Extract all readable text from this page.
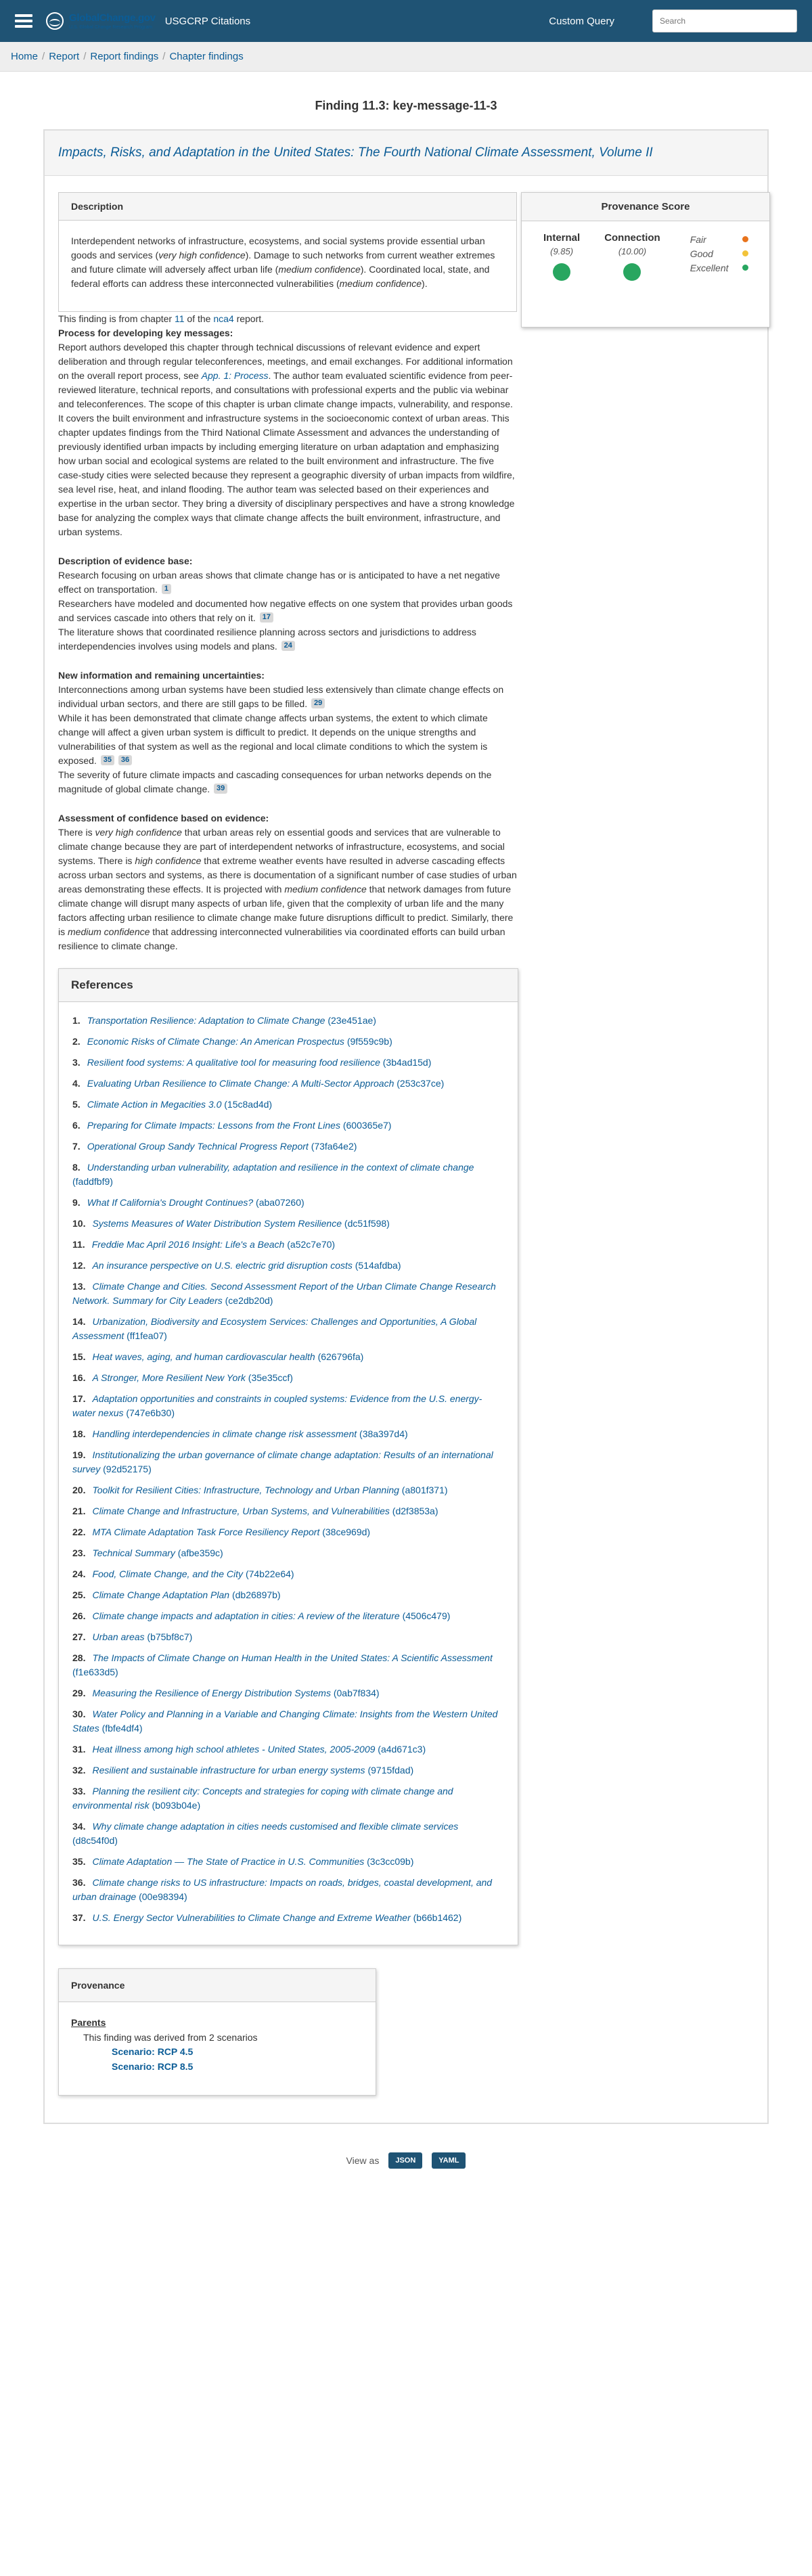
GlobalChange.gov
U.S. Global Change Research Program
USGCRP Citations	Custom Query
Search
Home / Report / Report findings / Chapter findings
Finding 11.3: key-message-11-3
Impacts, Risks, and Adaptation in the United States: The Fourth National Climate Assessment, Volume II
Description
Interdependent networks of infrastructure, ecosystems, and social systems provide essential urban goods and services (very high confidence). Damage to such networks from current weather extremes and future climate will adversely affect urban life (medium confidence). Coordinated local, state, and federal efforts can address these interconnected vulnerabilities (medium confidence).
Provenance Score
Internal
(9.85)
Connection
(10.00)
Fair
Good
Excellent

This finding is from chapter 11 of the nca4 report.

Process for developing key messages:

Report authors developed this chapter through technical discussions of relevant evidence and expert deliberation and through regular teleconferences, meetings, and email exchanges. For additional information on the overall report process, see App. 1: Process. The author team evaluated scientific evidence from peer-reviewed literature, technical reports, and consultations with professional experts and the public via webinar and teleconferences. The scope of this chapter is urban climate change impacts, vulnerability, and response. It covers the built environment and infrastructure systems in the socioeconomic context of urban areas. This chapter updates findings from the Third National Climate Assessment and advances the understanding of previously identified urban impacts by including emerging literature on urban adaptation and emphasizing how urban social and ecological systems are related to the built environment and infrastructure. The five case-study cities were selected because they represent a geographic diversity of urban impacts from wildfire, sea level rise, heat, and inland flooding. The author team was selected based on their experiences and expertise in the urban sector. They bring a diversity of disciplinary perspectives and have a strong knowledge base for analyzing the complex ways that climate change affects the built environment, infrastructure, and urban systems.

Description of evidence base:

Research focusing on urban areas shows that climate change has or is anticipated to have a net negative effect on transportation. 1

Researchers have modeled and documented how negative effects on one system that provides urban goods and services cascade into others that rely on it. 17

The literature shows that coordinated resilience planning across sectors and jurisdictions to address interdependencies involves using models and plans. 24

New information and remaining uncertainties:

Interconnections among urban systems have been studied less extensively than climate change effects on individual urban sectors, and there are still gaps to be filled. 29

While it has been demonstrated that climate change affects urban systems, the extent to which climate change will affect a given urban system is difficult to predict. It depends on the unique strengths and vulnerabilities of that system as well as the regional and local climate conditions to which the system is exposed. 35 36

The severity of future climate impacts and cascading consequences for urban networks depends on the magnitude of global climate change. 39

Assessment of confidence based on evidence:

There is very high confidence that urban areas rely on essential goods and services that are vulnerable to climate change because they are part of interdependent networks of infrastructure, ecosystems, and social systems. There is high confidence that extreme weather events have resulted in adverse cascading effects across urban sectors and systems, as there is documentation of a significant number of case studies of urban areas demonstrating these effects. It is projected with medium confidence that network damages from future climate change will disrupt many aspects of urban life, given that the complexity of urban life and the many factors affecting urban resilience to climate change make future disruptions difficult to predict. Similarly, there is medium confidence that addressing interconnected vulnerabilities via coordinated efforts can build urban resilience to climate change.

References
1. Transportation Resilience: Adaptation to Climate Change (23e451ae)
2. Economic Risks of Climate Change: An American Prospectus (9f559c9b)
3. Resilient food systems: A qualitative tool for measuring food resilience (3b4ad15d)
4. Evaluating Urban Resilience to Climate Change: A Multi-Sector Approach (253c37ce)
5. Climate Action in Megacities 3.0 (15c8ad4d)
6. Preparing for Climate Impacts: Lessons from the Front Lines (600365e7)
7. Operational Group Sandy Technical Progress Report (73fa64e2)
8. Understanding urban vulnerability, adaptation and resilience in the context of climate change (faddfbf9)
9. What If California's Drought Continues? (aba07260)
10. Systems Measures of Water Distribution System Resilience (dc51f598)
11. Freddie Mac April 2016 Insight: Life's a Beach (a52c7e70)
12. An insurance perspective on U.S. electric grid disruption costs (514afdba)
13. Climate Change and Cities. Second Assessment Report of the Urban Climate Change Research Network. Summary for City Leaders (ce2db20d)
14. Urbanization, Biodiversity and Ecosystem Services: Challenges and Opportunities, A Global Assessment (ff1fea07)
15. Heat waves, aging, and human cardiovascular health (626796fa)
16. A Stronger, More Resilient New York (35e35ccf)
17. Adaptation opportunities and constraints in coupled systems: Evidence from the U.S. energy-water nexus (747e6b30)
18. Handling interdependencies in climate change risk assessment (38a397d4)
19. Institutionalizing the urban governance of climate change adaptation: Results of an international survey (92d52175)
20. Toolkit for Resilient Cities: Infrastructure, Technology and Urban Planning (a801f371)
21. Climate Change and Infrastructure, Urban Systems, and Vulnerabilities (d2f3853a)
22. MTA Climate Adaptation Task Force Resiliency Report (38ce969d)
23. Technical Summary (afbe359c)
24. Food, Climate Change, and the City (74b22e64)
25. Climate Change Adaptation Plan (db26897b)
26. Climate change impacts and adaptation in cities: A review of the literature (4506c479)
27. Urban areas (b75bf8c7)
28. The Impacts of Climate Change on Human Health in the United States: A Scientific Assessment (f1e633d5)
29. Measuring the Resilience of Energy Distribution Systems (0ab7f834)
30. Water Policy and Planning in a Variable and Changing Climate: Insights from the Western United States (fbfe4df4)
31. Heat illness among high school athletes - United States, 2005-2009 (a4d671c3)
32. Resilient and sustainable infrastructure for urban energy systems (9715fdad)
33. Planning the resilient city: Concepts and strategies for coping with climate change and environmental risk (b093b04e)
34. Why climate change adaptation in cities needs customised and flexible climate services (d8c54f0d)
35. Climate Adaptation — The State of Practice in U.S. Communities (3c3cc09b)
36. Climate change risks to US infrastructure: Impacts on roads, bridges, coastal development, and urban drainage (00e98394)
37. U.S. Energy Sector Vulnerabilities to Climate Change and Extreme Weather (b66b1462)
Provenance
Parents
This finding was derived from 2 scenarios
Scenario: RCP 4.5
Scenario: RCP 8.5
View as	JSON	YAML
